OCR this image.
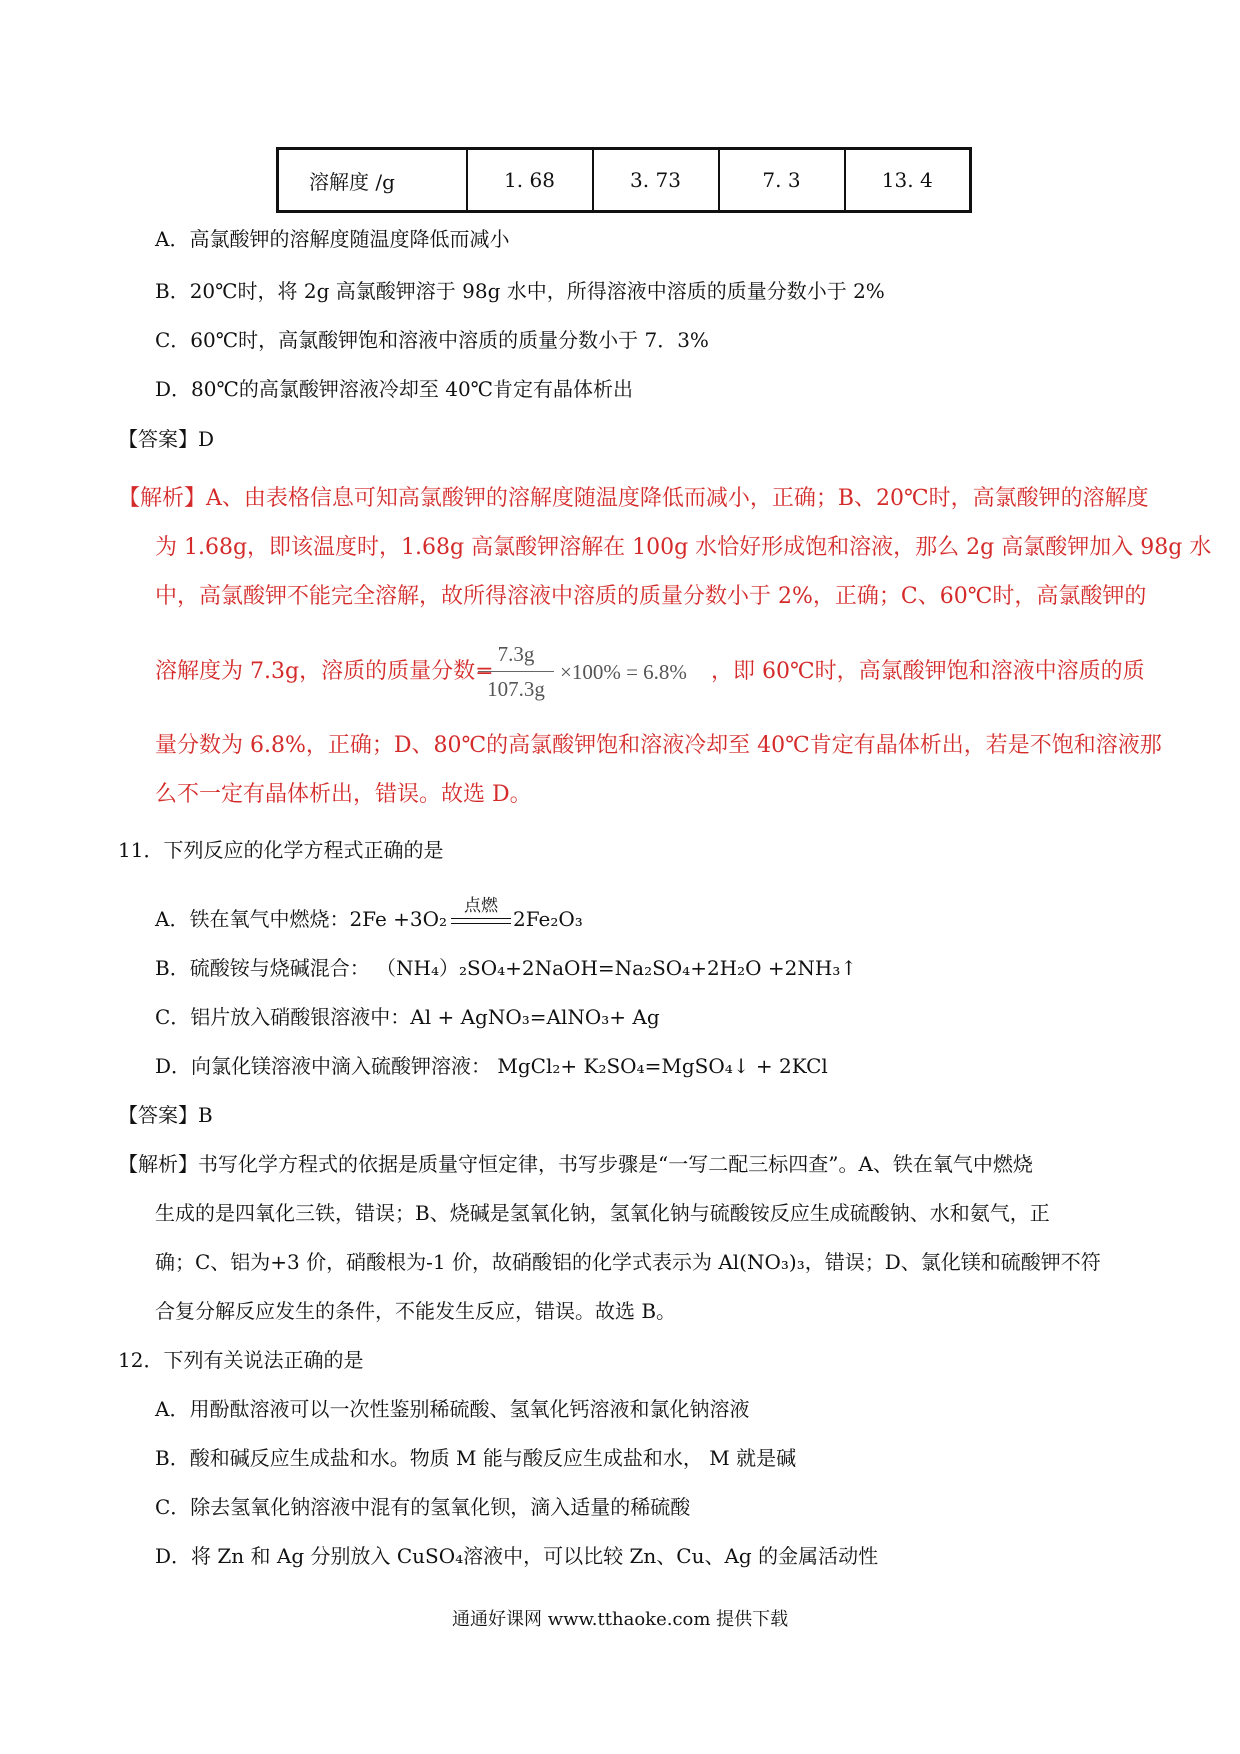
溶解度 /g	1. 68	3. 73	7. 3	13. 4
A．高氯酸钾的溶解度随温度降低而减小
B．20℃时，将 2g 高氯酸钾溶于 98g 水中，所得溶液中溶质的质量分数小于 2%
C．60℃时，高氯酸钾饱和溶液中溶质的质量分数小于 7．3%
D．80℃的高氯酸钾溶液冷却至 40℃肯定有晶体析出
【答案】D
【解析】A、由表格信息可知高氯酸钾的溶解度随温度降低而减小，正确；B、20℃时，高氯酸钾的溶解度
为 1.68g，即该温度时，1.68g 高氯酸钾溶解在 100g 水恰好形成饱和溶液，那么 2g 高氯酸钾加入 98g 水
中，高氯酸钾不能完全溶解，故所得溶液中溶质的质量分数小于 2%，正确；C、60℃时，高氯酸钾的
溶解度为 7.3g，溶质的质量分数=
7.3g
107.3g
×100% = 6.8% ，即 60℃时，高氯酸钾饱和溶液中溶质的质
量分数为 6.8%，正确；D、80℃的高氯酸钾饱和溶液冷却至 40℃肯定有晶体析出，若是不饱和溶液那
么不一定有晶体析出，错误。故选 D。
11．下列反应的化学方程式正确的是
A．铁在氧气中燃烧：2Fe +3O₂
点燃
2Fe₂O₃
B．硫酸铵与烧碱混合： （NH₄）₂SO₄+2NaOH=Na₂SO₄+2H₂O +2NH₃↑
C．铝片放入硝酸银溶液中：Al + AgNO₃=AlNO₃+ Ag
D．向氯化镁溶液中滴入硫酸钾溶液： MgCl₂+ K₂SO₄=MgSO₄↓ + 2KCl
【答案】B
【解析】书写化学方程式的依据是质量守恒定律，书写步骤是“一写二配三标四查”。A、铁在氧气中燃烧
生成的是四氧化三铁，错误；B、烧碱是氢氧化钠，氢氧化钠与硫酸铵反应生成硫酸钠、水和氨气，正
确；C、铝为+3 价，硝酸根为-1 价，故硝酸铝的化学式表示为 Al(NO₃)₃，错误；D、氯化镁和硫酸钾不符
合复分解反应发生的条件，不能发生反应，错误。故选 B。
12．下列有关说法正确的是
A．用酚酞溶液可以一次性鉴别稀硫酸、氢氧化钙溶液和氯化钠溶液
B．酸和碱反应生成盐和水。物质 M 能与酸反应生成盐和水， M 就是碱
C．除去氢氧化钠溶液中混有的氢氧化钡，滴入适量的稀硫酸
D．将 Zn 和 Ag 分别放入 CuSO₄溶液中，可以比较 Zn、Cu、Ag 的金属活动性
通通好课网 www.tthaoke.com 提供下载
